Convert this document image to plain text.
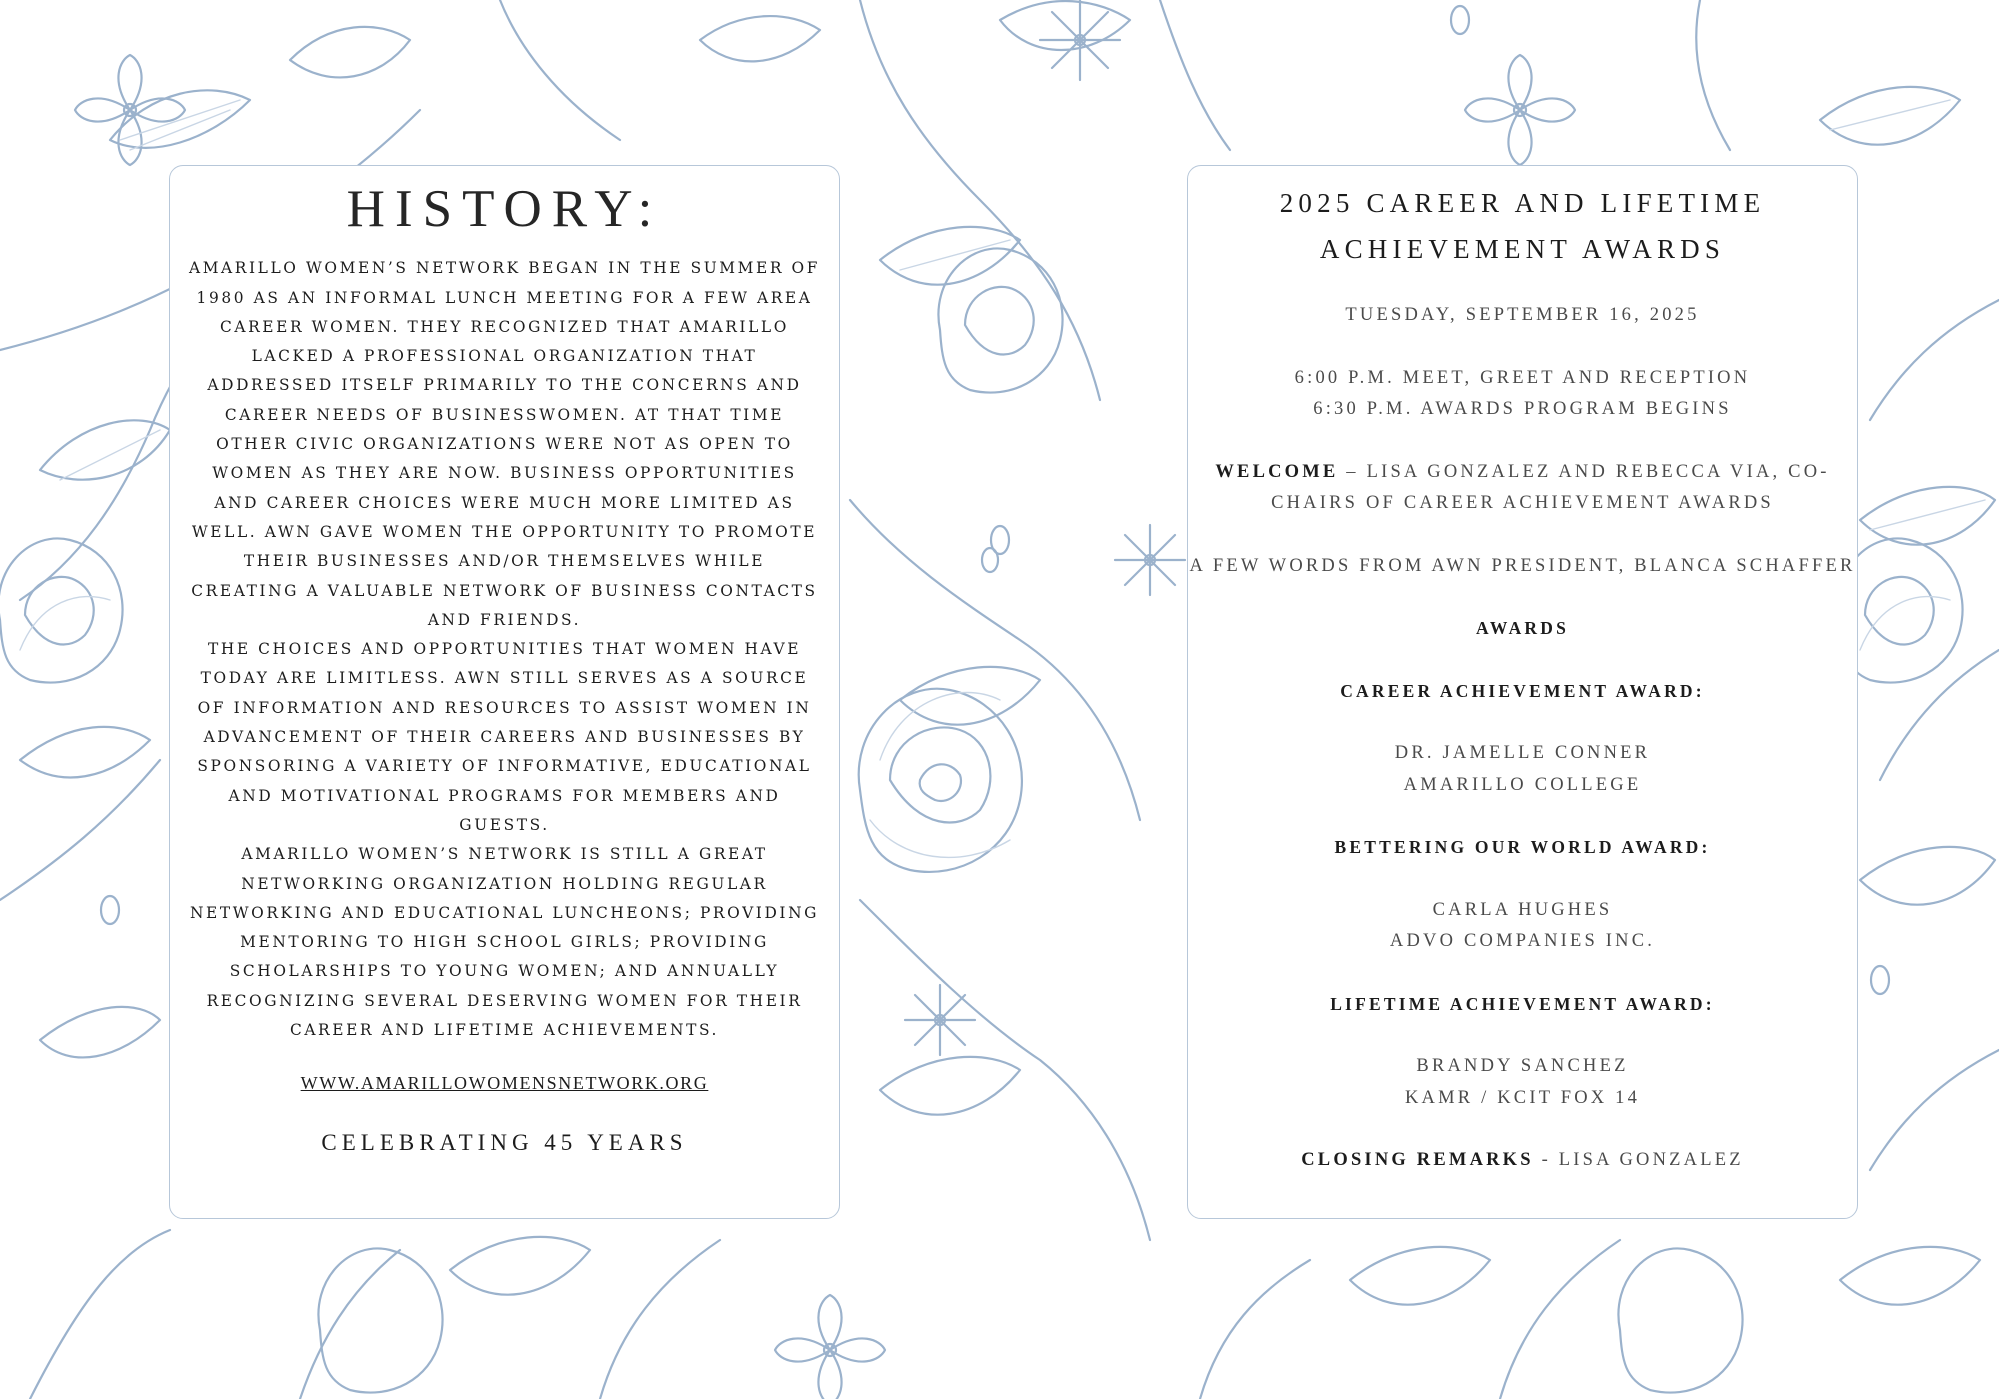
HISTORY:

AMARILLO WOMEN’S NETWORK BEGAN IN THE SUMMER OF 1980 AS AN INFORMAL LUNCH MEETING FOR A FEW AREA CAREER WOMEN. THEY RECOGNIZED THAT AMARILLO LACKED A PROFESSIONAL ORGANIZATION THAT ADDRESSED ITSELF PRIMARILY TO THE CONCERNS AND CAREER NEEDS OF BUSINESSWOMEN. AT THAT TIME OTHER CIVIC ORGANIZATIONS WERE NOT AS OPEN TO WOMEN AS THEY ARE NOW. BUSINESS OPPORTUNITIES AND CAREER CHOICES WERE MUCH MORE LIMITED AS WELL. AWN GAVE WOMEN THE OPPORTUNITY TO PROMOTE THEIR BUSINESSES AND/OR THEMSELVES WHILE CREATING A VALUABLE NETWORK OF BUSINESS CONTACTS AND FRIENDS.

THE CHOICES AND OPPORTUNITIES THAT WOMEN HAVE TODAY ARE LIMITLESS. AWN STILL SERVES AS A SOURCE OF INFORMATION AND RESOURCES TO ASSIST WOMEN IN ADVANCEMENT OF THEIR CAREERS AND BUSINESSES BY SPONSORING A VARIETY OF INFORMATIVE, EDUCATIONAL AND MOTIVATIONAL PROGRAMS FOR MEMBERS AND GUESTS.

AMARILLO WOMEN’S NETWORK IS STILL A GREAT NETWORKING ORGANIZATION HOLDING REGULAR NETWORKING AND EDUCATIONAL LUNCHEONS; PROVIDING MENTORING TO HIGH SCHOOL GIRLS; PROVIDING SCHOLARSHIPS TO YOUNG WOMEN; AND ANNUALLY RECOGNIZING SEVERAL DESERVING WOMEN FOR THEIR CAREER AND LIFETIME ACHIEVEMENTS.

WWW.AMARILLOWOMENSNETWORK.ORG
CELEBRATING 45 YEARS
2025 CAREER AND LIFETIME
ACHIEVEMENT AWARDS

TUESDAY, SEPTEMBER 16, 2025

6:00 P.M. MEET, GREET AND RECEPTION
6:30 P.M. AWARDS PROGRAM BEGINS

WELCOME – LISA GONZALEZ AND REBECCA VIA, CO-CHAIRS OF CAREER ACHIEVEMENT AWARDS

A FEW WORDS FROM AWN PRESIDENT, BLANCA SCHAFFER

AWARDS

CAREER ACHIEVEMENT AWARD:

DR. JAMELLE CONNER
AMARILLO COLLEGE

BETTERING OUR WORLD AWARD:

CARLA HUGHES
ADVO COMPANIES INC.

LIFETIME ACHIEVEMENT AWARD:

BRANDY SANCHEZ
KAMR / KCIT FOX 14

CLOSING REMARKS - LISA GONZALEZ
